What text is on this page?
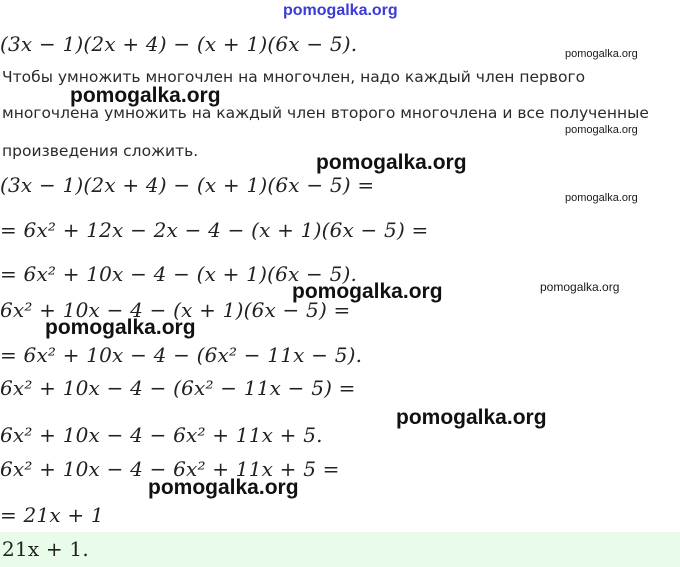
pomogalka.org
pomogalka.org
pomogalka.org
pomogalka.org
pomogalka.org
pomogalka.org
pomogalka.org
pomogalka.org
pomogalka.org
pomogalka.org
pomogalka.org
(3x − 1)(2x + 4) − (x + 1)(6x − 5).
Чтобы умножить многочлен на многочлен, надо каждый член первого
многочлена умножить на каждый член второго многочлена и все полученные
произведения сложить.
(3x − 1)(2x + 4) − (x + 1)(6x − 5) =
= 6x² + 12x − 2x − 4 − (x + 1)(6x − 5) =
= 6x² + 10x − 4 − (x + 1)(6x − 5).
6x² + 10x − 4 − (x + 1)(6x − 5) =
= 6x² + 10x − 4 − (6x² − 11x − 5).
6x² + 10x − 4 − (6x² − 11x − 5) =
6x² + 10x − 4 − 6x² + 11x + 5.
6x² + 10x − 4 − 6x² + 11x + 5 =
= 21x + 1
21x + 1.
